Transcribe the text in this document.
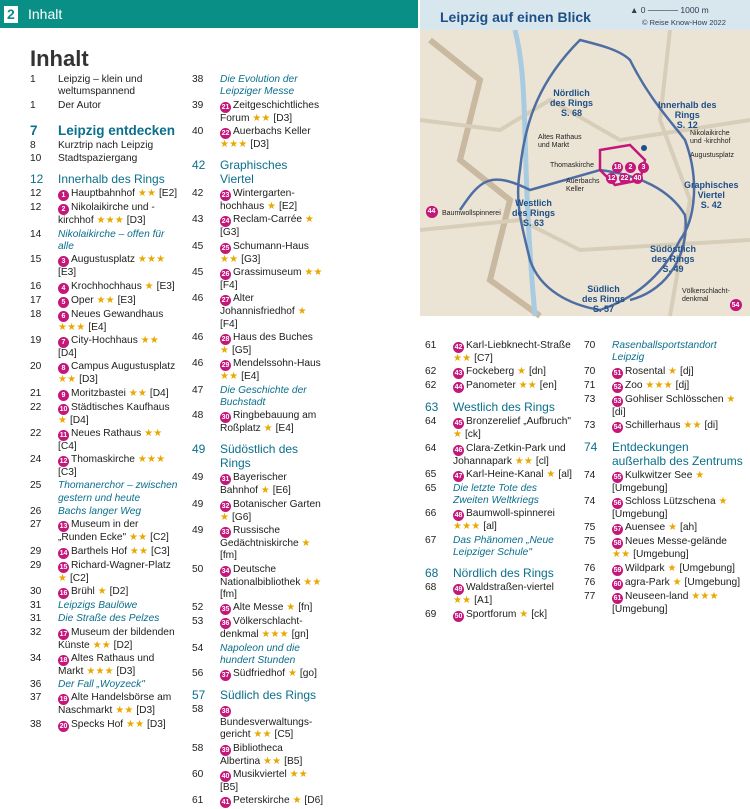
2 Inhalt
Inhalt
1	Leipzig – klein und weltumspannend
1	Der Autor
7	Leipzig entdecken
8	Kurztrip nach Leipzig
10	Stadtspaziergang
12	Innerhalb des Rings
12	1 Hauptbahnhof ★★ [E2]
12	2 Nikolaikirche und -kirchhof ★★★ [D3]
14	Nikolaikirche – offen für alle
15	3 Augustusplatz ★★★ [E3]
16	4 Krochhochhaus ★ [E3]
17	5 Oper ★★ [E3]
18	6 Neues Gewandhaus ★★★ [E4]
19	7 City-Hochhaus ★★ [D4]
20	8 Campus Augustusplatz ★★ [D3]
21	9 Moritzbastei ★★ [D4]
22	10 Städtisches Kaufhaus ★ [D4]
22	11 Neues Rathaus ★★ [C4]
24	12 Thomaskirche ★★★ [C3]
25	Thomanerchor – zwischen gestern und heute
26	Bachs langer Weg
27	13 Museum in der „Runden Ecke" ★★ [C2]
29	14 Barthels Hof ★★ [C3]
29	15 Richard-Wagner-Platz ★ [C2]
30	16 Brühl ★ [D2]
31	Leipzigs Baulöwe
31	Die Straße des Pelzes
32	17 Museum der bildenden Künste ★★ [D2]
34	18 Altes Rathaus und Markt ★★★ [D3]
36	Der Fall „Woyzeck"
37	19 Alte Handelsbörse am Naschmarkt ★★ [D3]
38	20 Specks Hof ★★ [D3]
38	Die Evolution der Leipziger Messe
39	21 Zeitgeschichtliches Forum ★★ [D3]
40	22 Auerbachs Keller ★★★ [D3]
42	Graphisches Viertel
42	23 Wintergarten-hochhaus ★ [E2]
43	24 Reclam-Carrée ★ [G3]
45	25 Schumann-Haus ★★ [G3]
45	26 Grassimuseum ★★ [F4]
46	27 Alter Johannisfriedhof ★ [F4]
46	28 Haus des Buches ★ [G5]
46	29 Mendelssohn-Haus ★★ [E4]
47	Die Geschichte der Buchstadt
48	30 Ringbebauung am Roßplatz ★ [E4]
49	Südöstlich des Rings
49	31 Bayerischer Bahnhof ★ [E6]
49	32 Botanischer Garten ★ [G6]
49	33 Russische Gedächtniskirche ★ [fm]
50	34 Deutsche Nationalbibliothek ★★ [fm]
52	35 Alte Messe ★ [fn]
53	36 Völkerschlacht-denkmal ★★★ [gn]
54	Napoleon und die hundert Stunden
56	37 Südfriedhof ★ [go]
57	Südlich des Rings
58	38Bundesverwaltungs-gericht ★★ [C5]
58	39 Bibliotheca Albertina ★★ [B5]
60	40 Musikviertel ★★ [B5]
61	41 Peterskirche ★ [D6]
61	42 Karl-Liebknecht-Straße ★★ [C7]
62	43 Fockeberg ★ [dn]
62	44 Panometer ★★ [en]
63	Westlich des Rings
64	45 Bronzerelief „Aufbruch" ★ [ck]
64	46 Clara-Zetkin-Park und Johannapark ★★ [cl]
65	47 Karl-Heine-Kanal ★ [al]
65	Die letzte Tote des Zweiten Weltkriegs
66	48 Baumwoll-spinnerei ★★★ [al]
67	Das Phänomen „Neue Leipziger Schule"
68	Nördlich des Rings
68	49 Waldstraßen-viertel ★★ [A1]
69	50 Sportforum ★ [ck]
70	Rasenballsportstandort Leipzig
70	51 Rosental ★ [dj]
71	52 Zoo ★★★ [dj]
73	53 Gohliser Schlösschen ★ [di]
73	54 Schillerhaus ★★ [di]
74	Entdeckungen außerhalb des Zentrums
74	55 Kulkwitzer See ★ [Umgebung]
74	56 Schloss Lützschena ★ [Umgebung]
75	57 Auensee ★ [ah]
75	58 Neues Messe-gelände ★★ [Umgebung]
76	59 Wildpark ★ [Umgebung]
76	60 agra-Park ★ [Umgebung]
77	61 Neuseen-land ★★★ [Umgebung]
Leipzig auf einen Blick	▲ 0 ───── 1000 m
© Reise Know-How 2022
Nördlich
des Rings
S. 68
Innerhalb des
Rings
S. 12
Graphisches
Viertel
S. 42
Westlich
des Rings
S. 63
Südöstlich
des Rings
S. 49
Südlich
des Rings
S. 57
Altes Rathaus
und Markt
Nikolaikirche
und -kirchhof
Augustusplatz
Thomaskirche
Auerbachs
Keller
Baumwollspinnerei
Völkerschlacht-
denkmal
18 2 3
12 22 40
44
54
